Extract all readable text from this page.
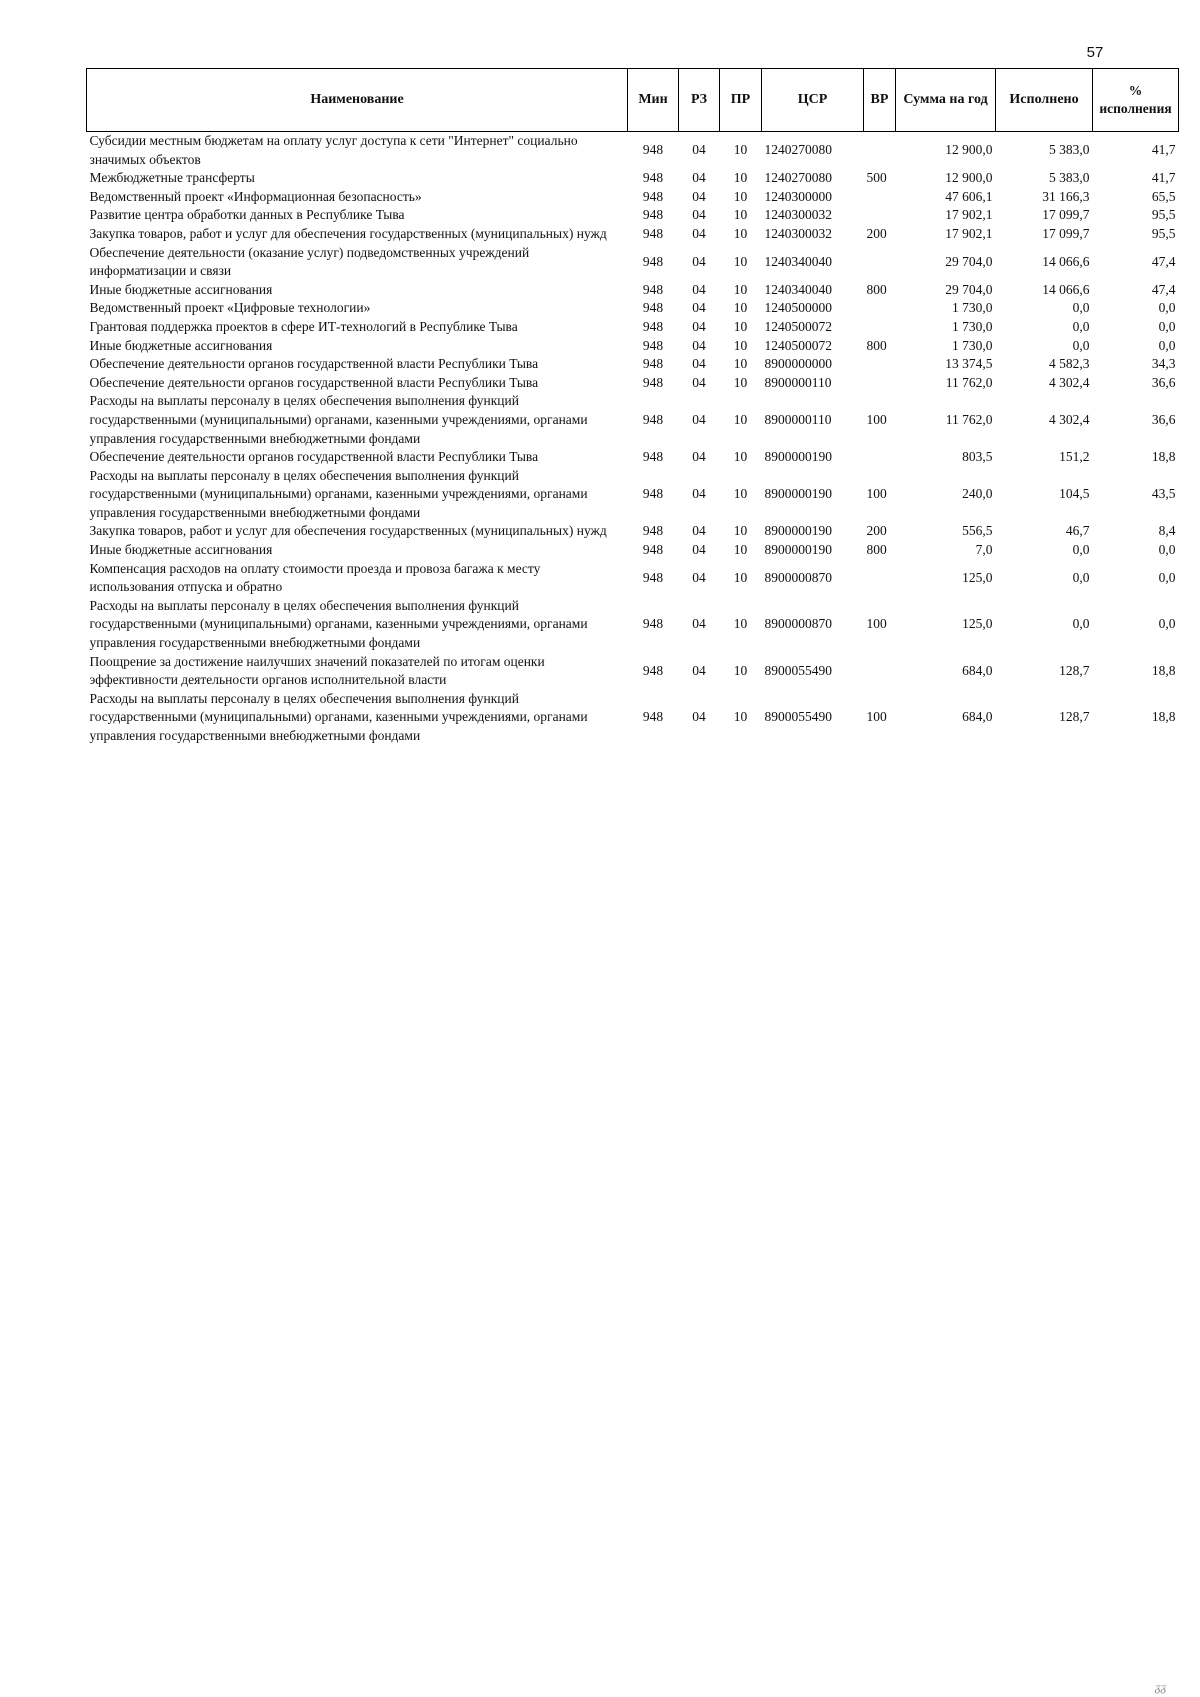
57
Наименование	Мин	РЗ	ПР	ЦСР	ВР	Сумма на год	Исполнено	% исполнения
Субсидии местным бюджетам на оплату услуг доступа к сети "Интернет" социально значимых объектов	948	04	10	1240270080		12 900,0	5 383,0	41,7
Межбюджетные трансферты	948	04	10	1240270080	500	12 900,0	5 383,0	41,7
Ведомственный проект «Информационная безопасность»	948	04	10	1240300000		47 606,1	31 166,3	65,5
Развитие центра обработки данных в Республике Тыва	948	04	10	1240300032		17 902,1	17 099,7	95,5
Закупка товаров, работ и услуг для обеспечения государственных (муниципальных) нужд	948	04	10	1240300032	200	17 902,1	17 099,7	95,5
Обеспечение деятельности (оказание услуг) подведомственных учреждений информатизации и связи	948	04	10	1240340040		29 704,0	14 066,6	47,4
Иные бюджетные ассигнования	948	04	10	1240340040	800	29 704,0	14 066,6	47,4
Ведомственный проект «Цифровые технологии»	948	04	10	1240500000		1 730,0	0,0	0,0
Грантовая поддержка проектов в сфере ИТ-технологий в Республике Тыва	948	04	10	1240500072		1 730,0	0,0	0,0
Иные бюджетные ассигнования	948	04	10	1240500072	800	1 730,0	0,0	0,0
Обеспечение деятельности органов государственной власти Республики Тыва	948	04	10	8900000000		13 374,5	4 582,3	34,3
Обеспечение деятельности органов государственной власти Республики Тыва	948	04	10	8900000110		11 762,0	4 302,4	36,6
Расходы на выплаты персоналу в целях обеспечения выполнения функций государственными (муниципальными) органами, казенными учреждениями, органами управления государственными внебюджетными фондами	948	04	10	8900000110	100	11 762,0	4 302,4	36,6
Обеспечение деятельности органов государственной власти Республики Тыва	948	04	10	8900000190		803,5	151,2	18,8
Расходы на выплаты персоналу в целях обеспечения выполнения функций государственными (муниципальными) органами, казенными учреждениями, органами управления государственными внебюджетными фондами	948	04	10	8900000190	100	240,0	104,5	43,5
Закупка товаров, работ и услуг для обеспечения государственных (муниципальных) нужд	948	04	10	8900000190	200	556,5	46,7	8,4
Иные бюджетные ассигнования	948	04	10	8900000190	800	7,0	0,0	0,0
Компенсация расходов на оплату стоимости проезда и провоза багажа к месту использования отпуска и обратно	948	04	10	8900000870		125,0	0,0	0,0
Расходы на выплаты персоналу в целях обеспечения выполнения функций государственными (муниципальными) органами, казенными учреждениями, органами управления государственными внебюджетными фондами	948	04	10	8900000870	100	125,0	0,0	0,0
Поощрение за достижение наилучших значений показателей по итогам оценки эффективности деятельности органов исполнительной власти	948	04	10	8900055490		684,0	128,7	18,8
Расходы на выплаты персоналу в целях обеспечения выполнения функций государственными (муниципальными) органами, казенными учреждениями, органами управления государственными внебюджетными фондами	948	04	10	8900055490	100	684,0	128,7	18,8
ᵹᵹ
